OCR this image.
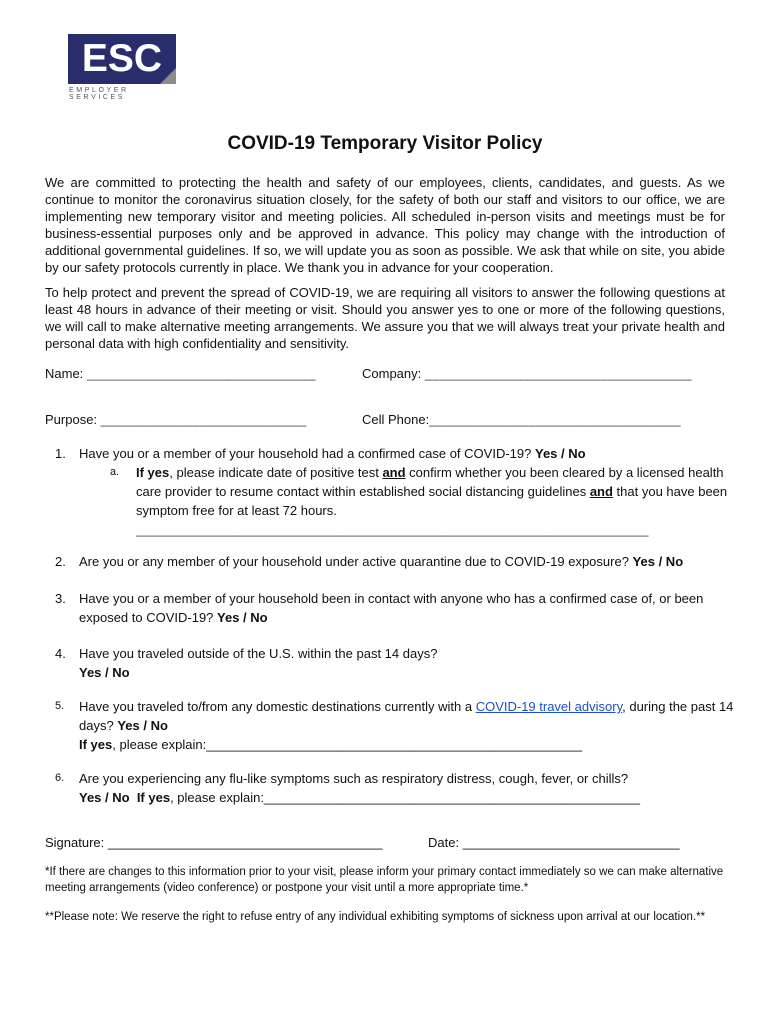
ESC
EMPLOYER SERVICES
COVID-19 Temporary Visitor Policy
We are committed to protecting the health and safety of our employees, clients, candidates, and guests. As we continue to monitor the coronavirus situation closely, for the safety of both our staff and visitors to our office, we are implementing new temporary visitor and meeting policies. All scheduled in-person visits and meetings must be for business-essential purposes only and be approved in advance. This policy may change with the introduction of additional governmental guidelines. If so, we will update you as soon as possible. We ask that while on site, you abide by our safety protocols currently in place. We thank you in advance for your cooperation.
To help protect and prevent the spread of COVID-19, we are requiring all visitors to answer the following questions at least 48 hours in advance of their meeting or visit. Should you answer yes to one or more of the following questions, we will call to make alternative meeting arrangements. We assure you that we will always treat your private health and personal data with high confidentiality and sensitivity.
Name: ______________________________	Company: ___________________________________
Purpose: ___________________________	Cell Phone:_________________________________
1. Have you or a member of your household had a confirmed case of COVID-19? Yes / No
a. If yes, please indicate date of positive test and confirm whether you been cleared by a licensed health care provider to resume contact within established social distancing guidelines and that you have been symptom free for at least 72 hours.
_____________________________________________________________________
2. Are you or any member of your household under active quarantine due to COVID-19 exposure? Yes / No
3. Have you or a member of your household been in contact with anyone who has a confirmed case of, or been exposed to COVID-19? Yes / No
4. Have you traveled outside of the U.S. within the past 14 days?
Yes / No
5. Have you traveled to/from any domestic destinations currently with a COVID-19 travel advisory, during the past 14 days? Yes / No
If yes, please explain:____________________________________________________
6. Are you experiencing any flu-like symptoms such as respiratory distress, cough, fever, or chills?
Yes / No If yes, please explain:____________________________________________________
Signature: ______________________________________	Date: ______________________________
*If there are changes to this information prior to your visit, please inform your primary contact immediately so we can make alternative meeting arrangements (video conference) or postpone your visit until a more appropriate time.*
**Please note: We reserve the right to refuse entry of any individual exhibiting symptoms of sickness upon arrival at our location.**
